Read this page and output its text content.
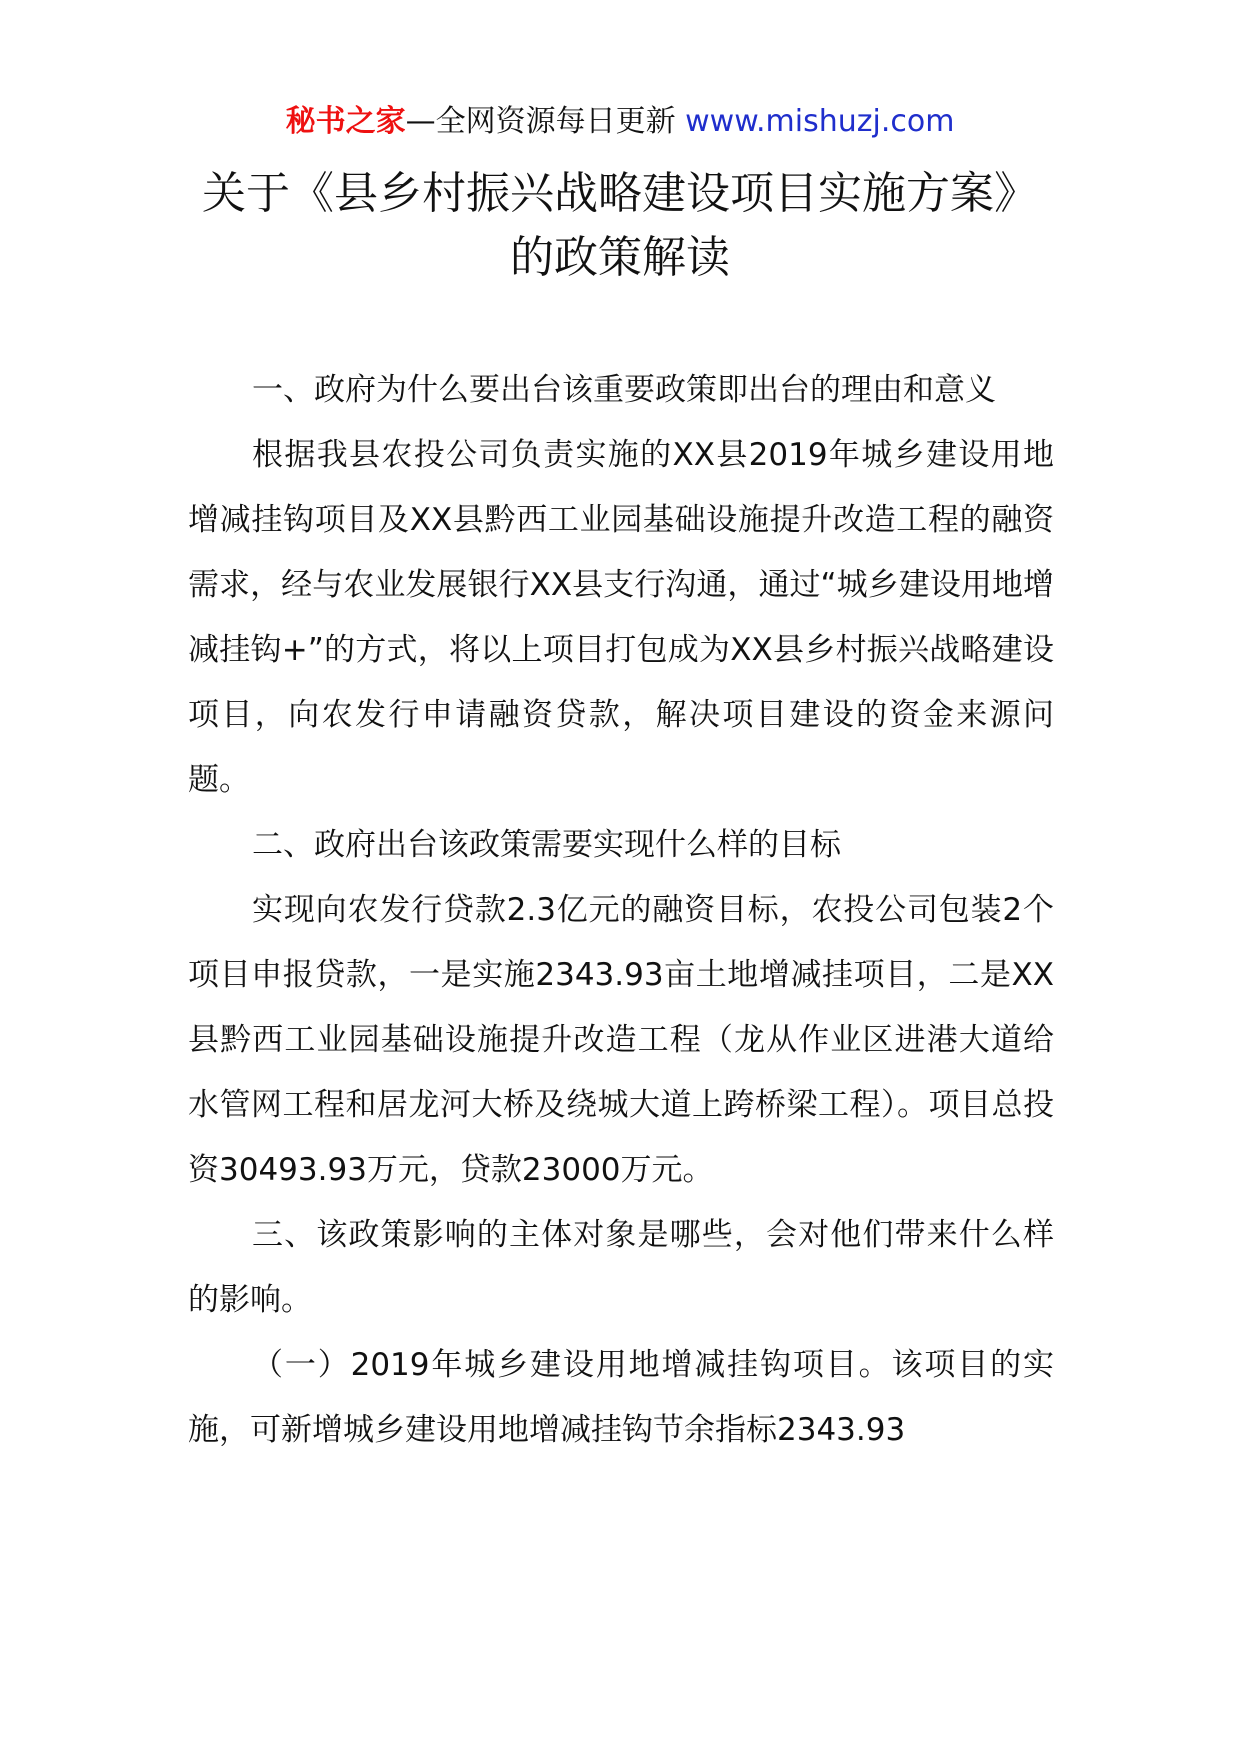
秘书之家—全网资源每日更新 www.mishuzj.com
关于《县乡村振兴战略建设项目实施方案》的政策解读

一、政府为什么要出台该重要政策即出台的理由和意义

根据我县农投公司负责实施的XX县2019年城乡建设用地增减挂钩项目及XX县黔西工业园基础设施提升改造工程的融资需求，经与农业发展银行XX县支行沟通，通过“城乡建设用地增减挂钩+”的方式，将以上项目打包成为XX县乡村振兴战略建设项目，向农发行申请融资贷款，解决项目建设的资金来源问题。

二、政府出台该政策需要实现什么样的目标

实现向农发行贷款2.3亿元的融资目标，农投公司包装2个项目申报贷款，一是实施2343.93亩土地增减挂项目，二是XX县黔西工业园基础设施提升改造工程（龙从作业区进港大道给水管网工程和居龙河大桥及绕城大道上跨桥梁工程）。项目总投资30493.93万元，贷款23000万元。

三、该政策影响的主体对象是哪些，会对他们带来什么样的影响。

（一）2019年城乡建设用地增减挂钩项目。该项目的实施，可新增城乡建设用地增减挂钩节余指标2343.93
